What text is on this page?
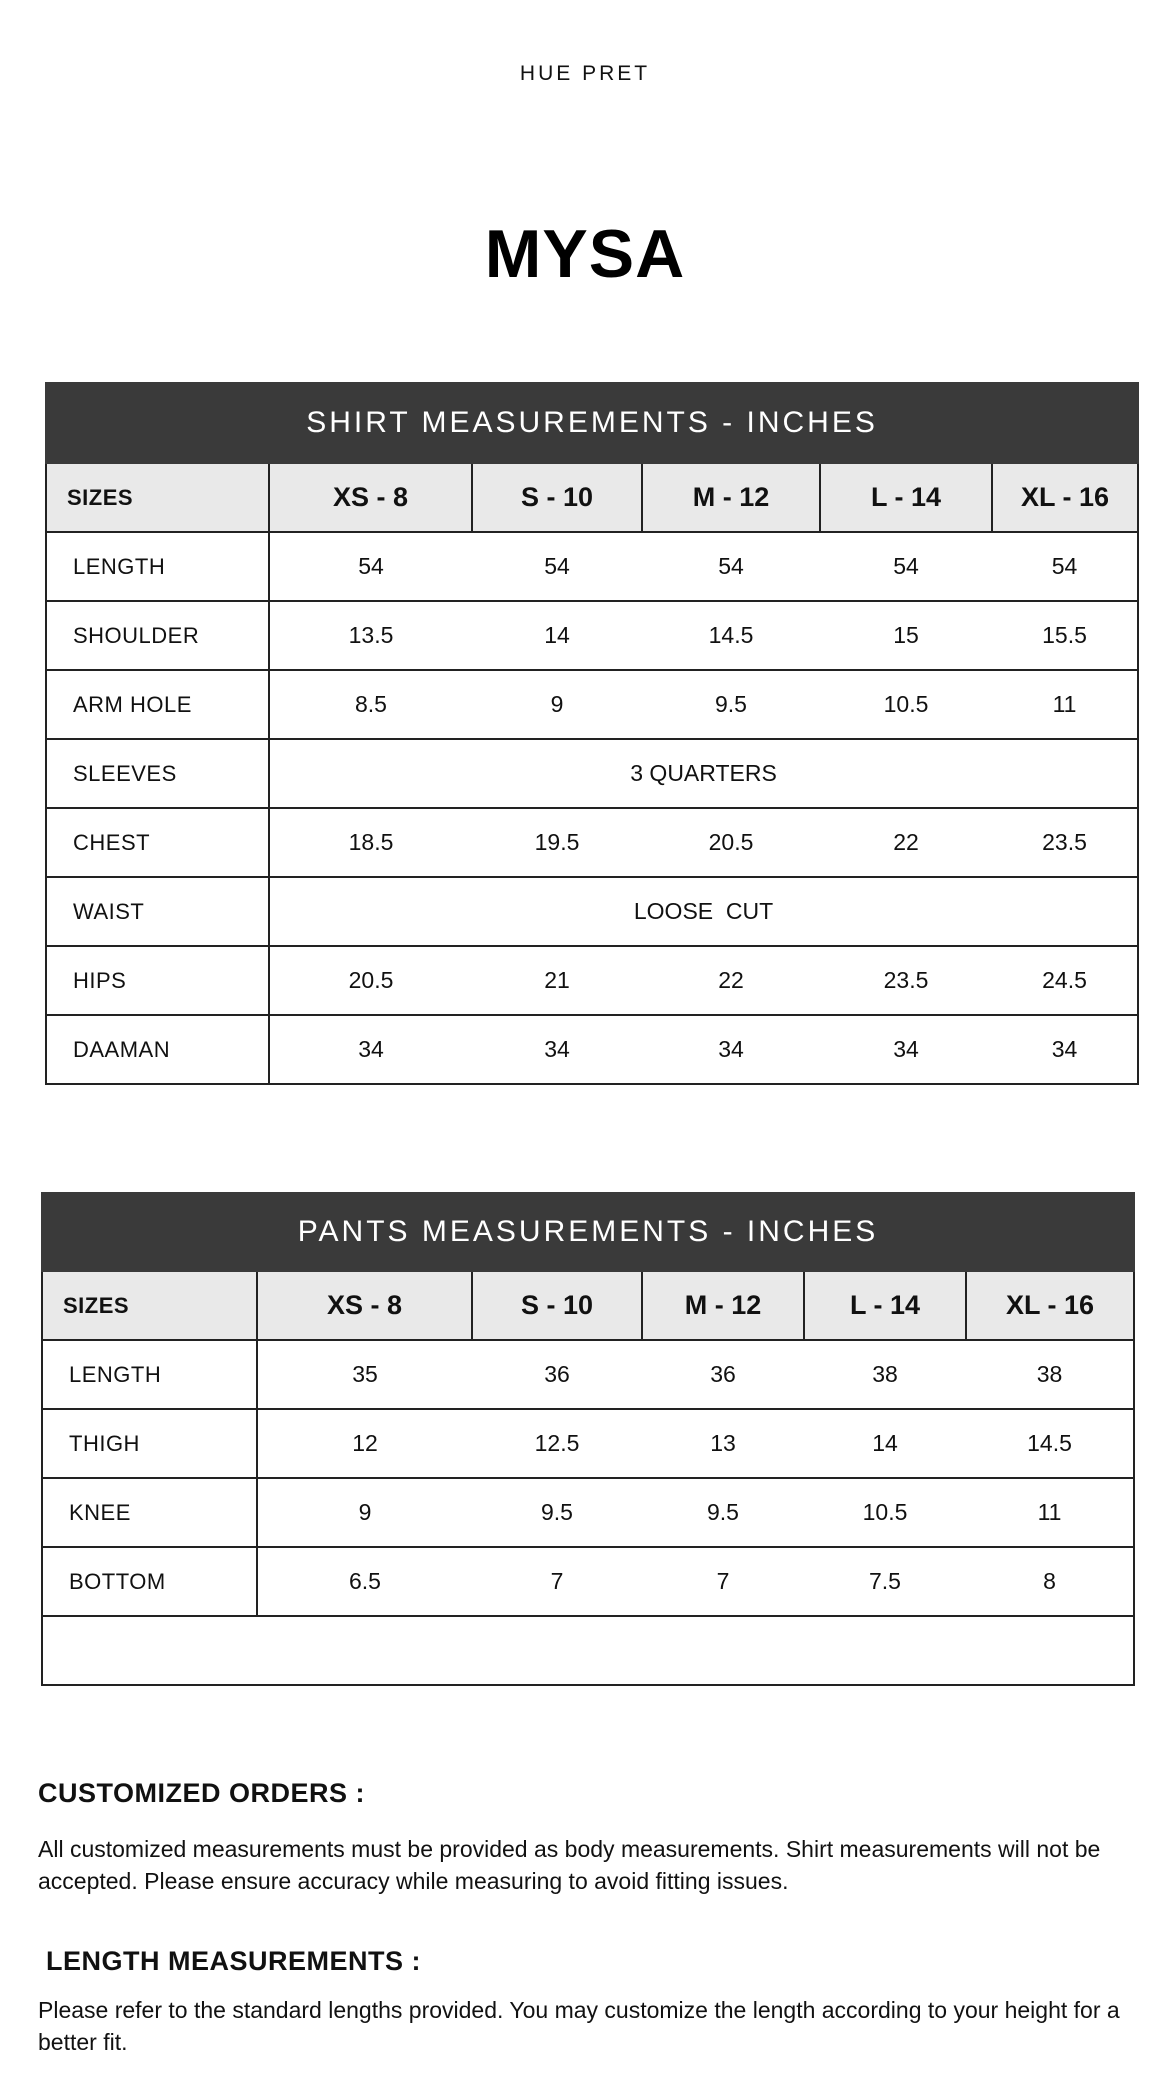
HUE PRET
MYSA
SHIRT MEASUREMENTS - INCHES					
SIZES	XS - 8	S - 10	M - 12	L - 14	XL - 16
LENGTH	54	54	54	54	54
SHOULDER	13.5	14	14.5	15	15.5
ARM HOLE	8.5	9	9.5	10.5	11
SLEEVES	3 QUARTERS				
CHEST	18.5	19.5	20.5	22	23.5
WAIST	LOOSE  CUT				
HIPS	20.5	21	22	23.5	24.5
DAAMAN	34	34	34	34	34
PANTS MEASUREMENTS - INCHES					
SIZES	XS - 8	S - 10	M - 12	L - 14	XL - 16
LENGTH	35	36	36	38	38
THIGH	12	12.5	13	14	14.5
KNEE	9	9.5	9.5	10.5	11
BOTTOM	6.5	7	7	7.5	8

CUSTOMIZED ORDERS :

All customized measurements must be provided as body measurements. Shirt measurements will not be accepted. Please ensure accuracy while measuring to avoid fitting issues.

LENGTH MEASUREMENTS :

Please refer to the standard lengths provided. You may customize the length according to your height for a better fit.
